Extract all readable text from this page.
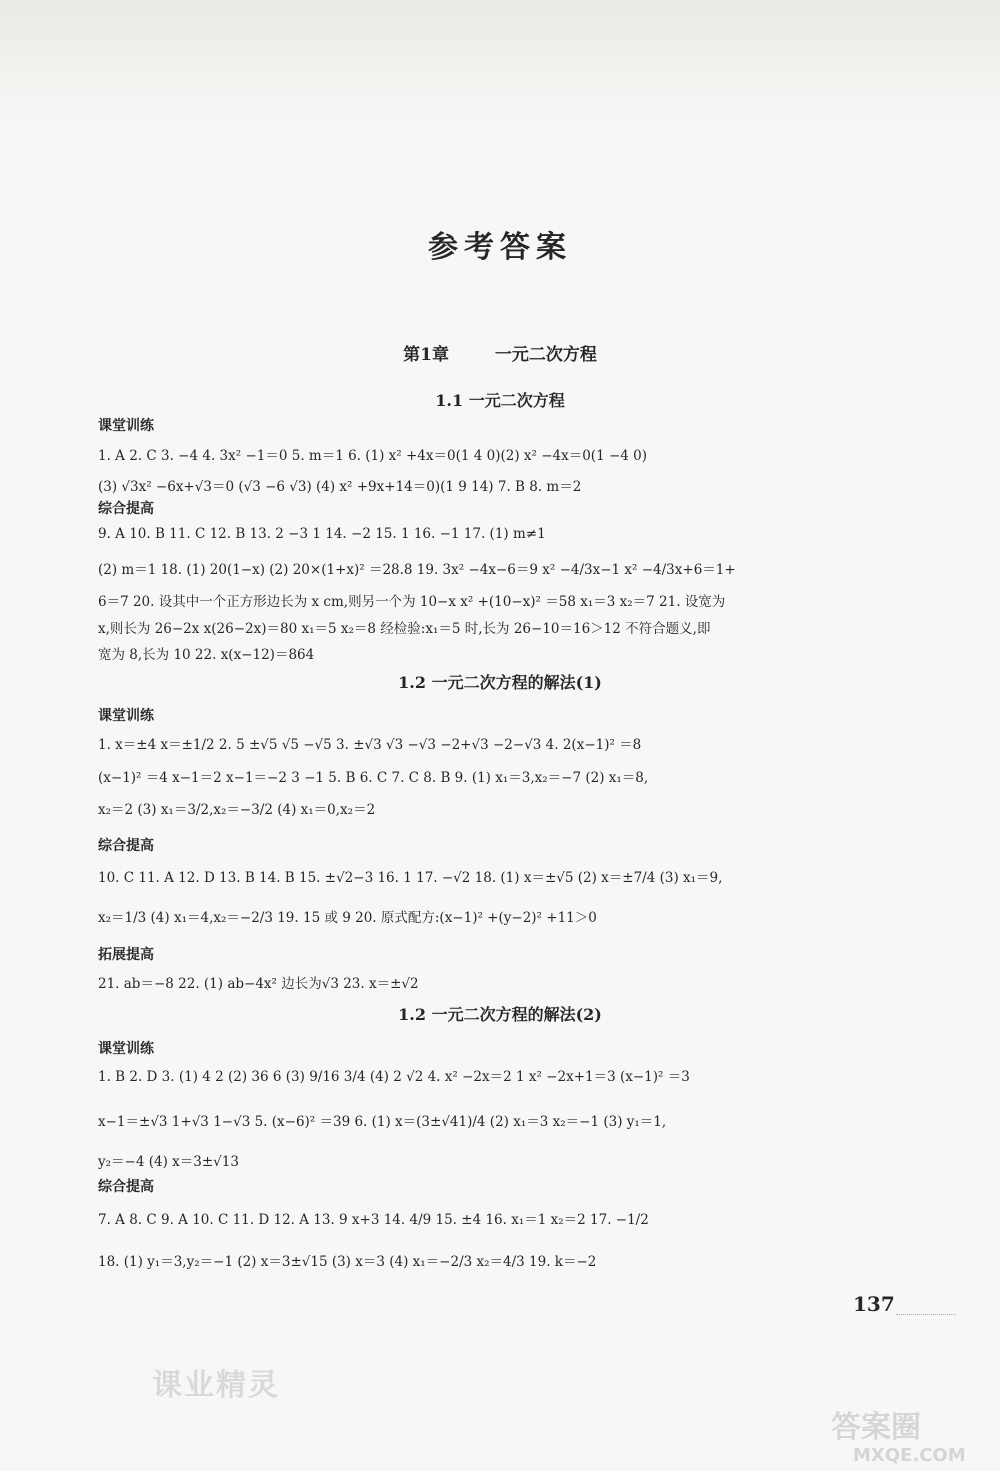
参考答案
第1章 一元二次方程
1.1 一元二次方程
课堂训练
1. A 2. C 3. −4 4. 3x² −1＝0 5. m＝1 6. (1) x² +4x＝0(1 4 0)(2) x² −4x＝0(1 −4 0)
(3) √3x² −6x+√3＝0 (√3 −6 √3) (4) x² +9x+14＝0)(1 9 14) 7. B 8. m＝2
综合提高
9. A 10. B 11. C 12. B 13. 2 −3 1 14. −2 15. 1 16. −1 17. (1) m≠1
(2) m＝1 18. (1) 20(1−x) (2) 20×(1+x)² ＝28.8 19. 3x² −4x−6＝9 x² −4/3x−1 x² −4/3x+6＝1+
6＝7 20. 设其中一个正方形边长为 x cm,则另一个为 10−x x² +(10−x)² ＝58 x₁＝3 x₂＝7 21. 设宽为
x,则长为 26−2x x(26−2x)＝80 x₁＝5 x₂＝8 经检验:x₁＝5 时,长为 26−10＝16＞12 不符合题义,即
宽为 8,长为 10 22. x(x−12)＝864
1.2 一元二次方程的解法(1)
课堂训练
1. x＝±4 x＝±1/2 2. 5 ±√5 √5 −√5 3. ±√3 √3 −√3 −2+√3 −2−√3 4. 2(x−1)² ＝8
(x−1)² ＝4 x−1＝2 x−1＝−2 3 −1 5. B 6. C 7. C 8. B 9. (1) x₁＝3,x₂＝−7 (2) x₁＝8,
x₂＝2 (3) x₁＝3/2,x₂＝−3/2 (4) x₁＝0,x₂＝2
综合提高
10. C 11. A 12. D 13. B 14. B 15. ±√2−3 16. 1 17. −√2 18. (1) x＝±√5 (2) x＝±7/4 (3) x₁＝9,
x₂＝1/3 (4) x₁＝4,x₂＝−2/3 19. 15 或 9 20. 原式配方:(x−1)² +(y−2)² +11＞0
拓展提高
21. ab＝−8 22. (1) ab−4x² 边长为√3 23. x＝±√2
1.2 一元二次方程的解法(2)
课堂训练
1. B 2. D 3. (1) 4 2 (2) 36 6 (3) 9/16 3/4 (4) 2 √2 4. x² −2x＝2 1 x² −2x+1＝3 (x−1)² ＝3
x−1＝±√3 1+√3 1−√3 5. (x−6)² ＝39 6. (1) x＝(3±√41)/4 (2) x₁＝3 x₂＝−1 (3) y₁＝1,
y₂＝−4 (4) x＝3±√13
综合提高
7. A 8. C 9. A 10. C 11. D 12. A 13. 9 x+3 14. 4/9 15. ±4 16. x₁＝1 x₂＝2 17. −1/2
18. (1) y₁＝3,y₂＝−1 (2) x＝3±√15 (3) x＝3 (4) x₁＝−2/3 x₂＝4/3 19. k＝−2
137
课业精灵
答案圈
MXQE.COM
